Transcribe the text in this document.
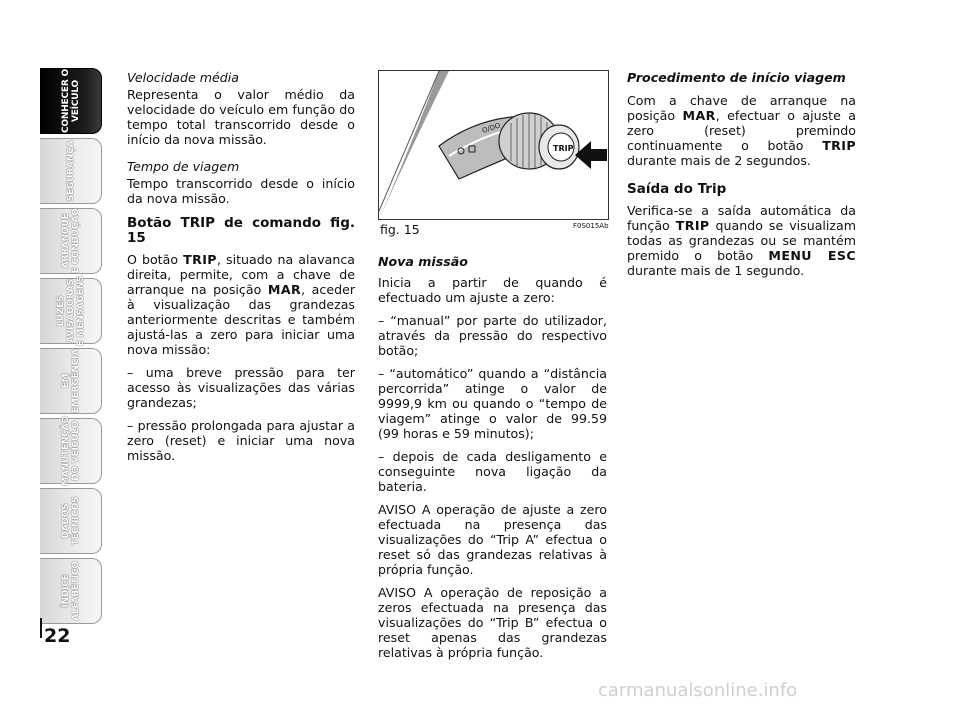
CONHECER O
VEÍCULO
SEGURANÇA
ARRANQUE
E CONDUÇÃO
LUZES
AVISADORAS
E MENSAGENS
EM
EMERGÊNCIA
MANUTENÇÃO
DO VEÍCULO
DADOS
TÉCNICOS
ÍNDICE
ALFABÉTICO
22

Velocidade média

Representa o valor médio da velocidade do veículo em função do tempo total transcorrido desde o início da nova missão.

Tempo de viagem

Tempo transcorrido desde o início da nova missão.

Botão TRIP de comando fig. 15

O botão TRIP, situado na alavanca direita, permite, com a chave de arranque na posição MAR, aceder à visualização das grandezas anteriormente descritas e também ajustá-las a zero para iniciar uma nova missão:

– uma breve pressão para ter acesso às visualizações das várias grandezas;

– pressão prolongada para ajustar a zero (reset) e iniciar uma nova missão.

TRIP
O/DO
fig. 15	F0S015Ab

Nova missão

Inicia a partir de quando é efectuado um ajuste a zero:

– “manual” por parte do utilizador, através da pressão do respectivo botão;

– “automático” quando a “distância percorrida” atinge o valor de 9999,9 km ou quando o “tempo de viagem” atinge o valor de 99.59 (99 horas e 59 minutos);

– depois de cada desligamento e conseguinte nova ligação da bateria.

AVISO A operação de ajuste a zero efectuada na presença das visualizações do “Trip A” efectua o reset só das grandezas relativas à própria função.

AVISO A operação de reposição a zeros efectuada na presença das visualizações do “Trip B” efectua o reset apenas das grandezas relativas à própria função.

Procedimento de início viagem

Com a chave de arranque na posição MAR, efectuar o ajuste a zero (reset) premindo continuamente o botão TRIP durante mais de 2 segundos.

Saída do Trip

Verifica-se a saída automática da função TRIP quando se visualizam todas as grandezas ou se mantém premido o botão MENU ESC durante mais de 1 segundo.

carmanualsonline.info
